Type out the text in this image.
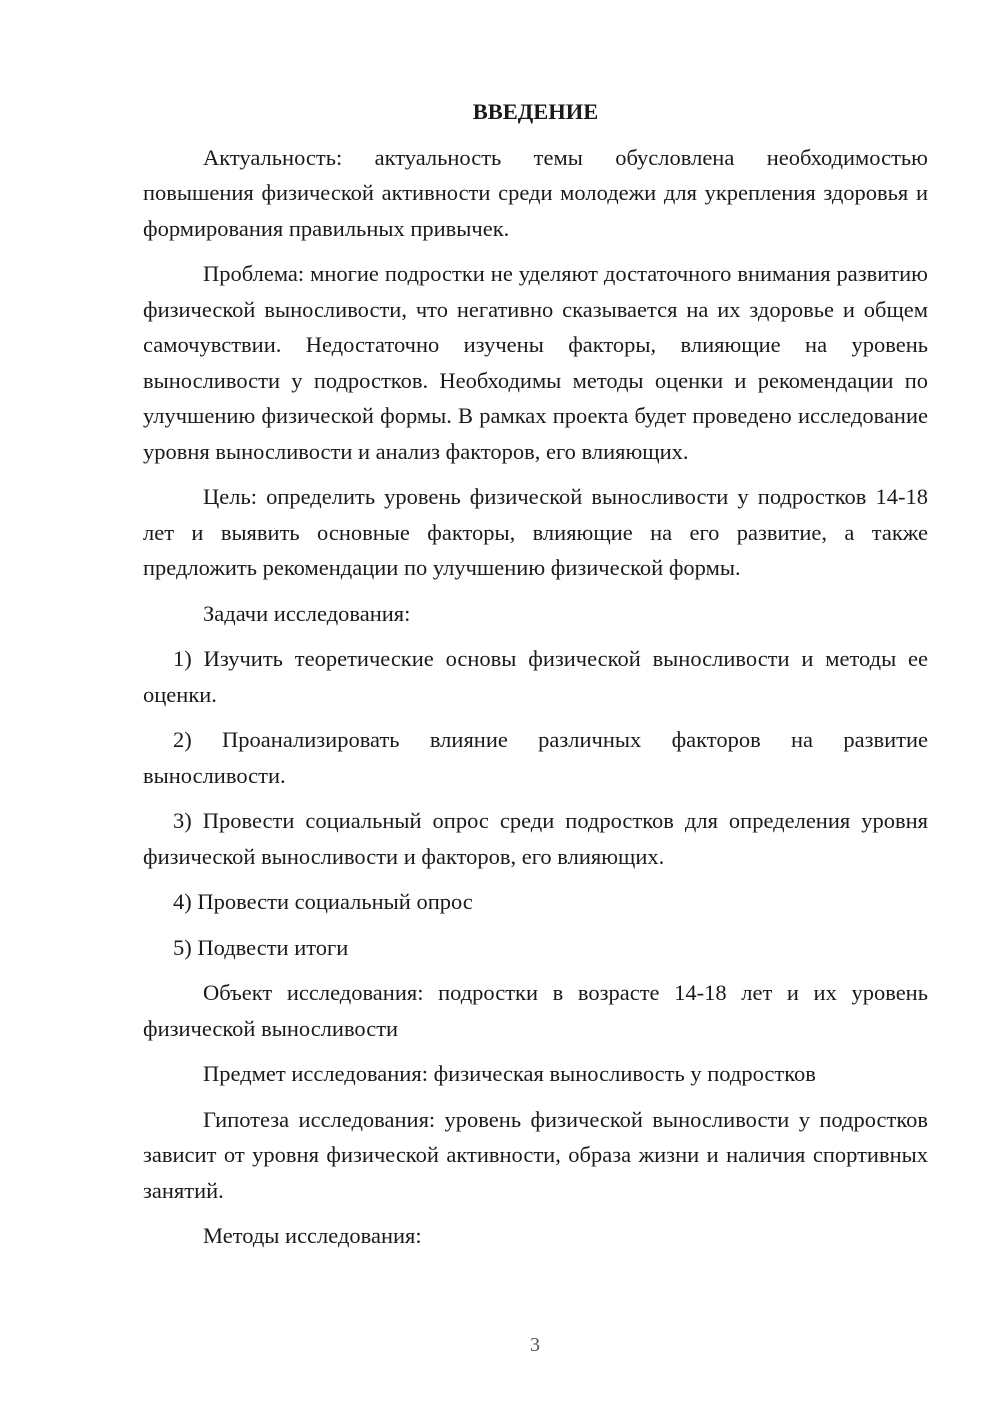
ВВЕДЕНИЕ

Актуальность: актуальность темы обусловлена необходимостью повышения физической активности среди молодежи для укрепления здоровья и формирования правильных привычек.

Проблема: многие подростки не уделяют достаточного внимания развитию физической выносливости, что негативно сказывается на их здоровье и общем самочувствии. Недостаточно изучены факторы, влияющие на уровень выносливости у подростков. Необходимы методы оценки и рекомендации по улучшению физической формы. В рамках проекта будет проведено исследование уровня выносливости и анализ факторов, его влияющих.

Цель: определить уровень физической выносливости у подростков 14-18 лет и выявить основные факторы, влияющие на его развитие, а также предложить рекомендации по улучшению физической формы.

Задачи исследования:

1) Изучить теоретические основы физической выносливости и методы ее оценки.

2) Проанализировать влияние различных факторов на развитие выносливости.

3) Провести социальный опрос среди подростков для определения уровня физической выносливости и факторов, его влияющих.

4) Провести социальный опрос

5) Подвести итоги

Объект исследования: подростки в возрасте 14-18 лет и их уровень физической выносливости

Предмет исследования: физическая выносливость у подростков

Гипотеза исследования: уровень физической выносливости у подростков зависит от уровня физической активности, образа жизни и наличия спортивных занятий.

Методы исследования:

3
